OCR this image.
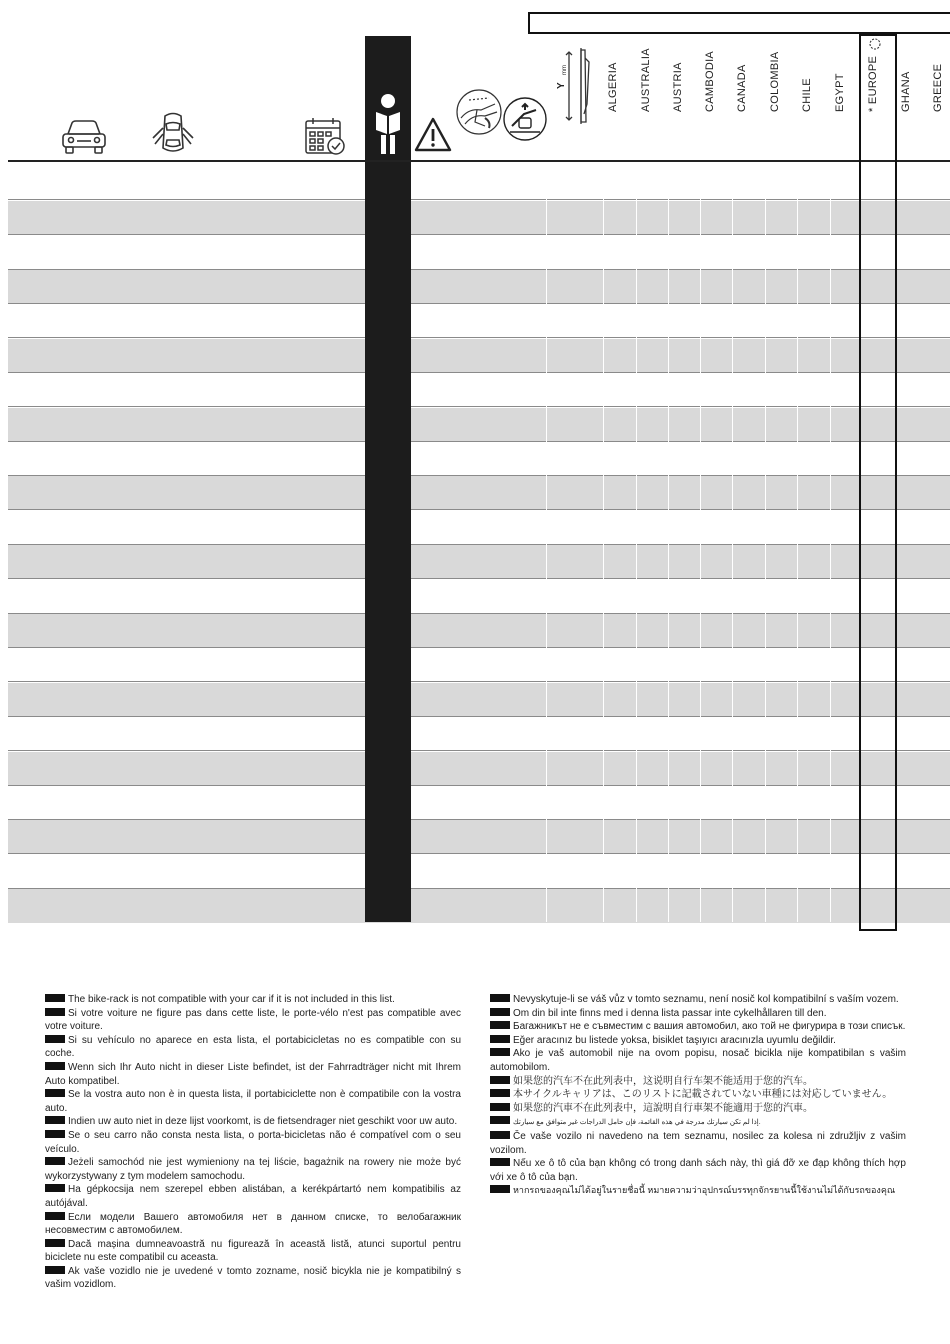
Y
mm	ALGERIA AUSTRALIA AUSTRIA CAMBODIA CANADA COLOMBIA CHILE EGYPT * EUROPE GHANA GREECE

The bike-rack is not compatible with your car if it is not included in this list.

Si votre voiture ne figure pas dans cette liste, le porte-vélo n'est pas compatible avec votre voiture.

Si su vehículo no aparece en esta lista, el portabicicletas no es compatible con su coche.

Wenn sich Ihr Auto nicht in dieser Liste befindet, ist der Fahrradträger nicht mit Ihrem Auto kompatibel.

Se la vostra auto non è in questa lista, il portabiciclette non è compatibile con la vostra auto.

Indien uw auto niet in deze lijst voorkomt, is de fietsendrager niet geschikt voor uw auto.

Se o seu carro não consta nesta lista, o porta-bicicletas não é compatível com o seu veículo.

Jeżeli samochód nie jest wymieniony na tej liście, bagażnik na rowery nie może być wykorzystywany z tym modelem samochodu.

Ha gépkocsija nem szerepel ebben alistában, a kerékpártartó nem kompatibilis az autójával.

Если модели Вашего автомобиля нет в данном списке, то велобагажник несовместим с автомобилем.

Dacă mașina dumneavoastră nu figurează în această listă, atunci suportul pentru biciclete nu este compatibil cu aceasta.

Ak vaše vozidlo nie je uvedené v tomto zozname, nosič bicykla nie je kompatibilný s vašim vozidlom.

Nevyskytuje-li se váš vůz v tomto seznamu, není nosič kol kompatibilní s vaším vozem.

Om din bil inte finns med i denna lista passar inte cykelhållaren till den.

Багажникът не е съвместим с вашия автомобил, ако той не фигурира в този списък.

Eğer aracınız bu listede yoksa, bisiklet taşıyıcı aracınızla uyumlu değildir.

Ako je vaš automobil nije na ovom popisu, nosač bicikla nije kompatibilan s vašim automobilom.

如果您的汽车不在此列表中，这说明自行车架不能适用于您的汽车。

本サイクルキャリアは、このリストに記載されていない車種には対応していません。

如果您的汽車不在此列表中，這說明自行車架不能適用于您的汽車。

إذا لم تكن سيارتك مدرجة في هذه القائمة، فإن حامل الدراجات غير متوافق مع سيارتك.

Če vaše vozilo ni navedeno na tem seznamu, nosilec za kolesa ni združljiv z vašim vozilom.

Nếu xe ô tô của bạn không có trong danh sách này, thì giá đỡ xe đạp không thích hợp với xe ô tô của bạn.

หากรถของคุณไม่ได้อยู่ในรายชื่อนี้ หมายความว่าอุปกรณ์บรรทุกจักรยานนี้ใช้งานไม่ได้กับรถของคุณ
